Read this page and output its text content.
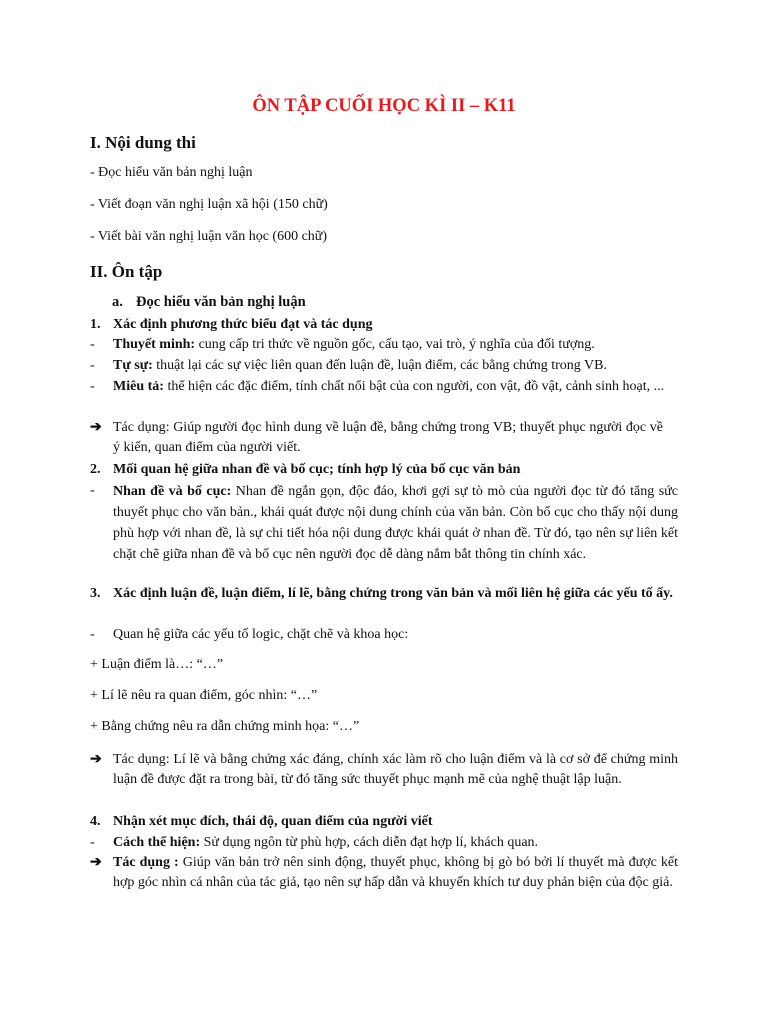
ÔN TẬP CUỐI HỌC KÌ II – K11
I. Nội dung thi
- Đọc hiểu văn bản nghị luận
- Viết đoạn văn nghị luận xã hội (150 chữ)
- Viết bài văn nghị luận văn học (600 chữ)
II. Ôn tập
a. Đọc hiểu văn bản nghị luận
1. Xác định phương thức biểu đạt và tác dụng
- Thuyết minh: cung cấp tri thức về nguồn gốc, cấu tạo, vai trò, ý nghĩa của đối tượng.
- Tự sự: thuật lại các sự việc liên quan đến luận đề, luận điểm, các bằng chứng trong VB.
- Miêu tả: thể hiện các đặc điểm, tính chất nổi bật của con người, con vật, đồ vật, cảnh sinh hoạt, ...
➔ Tác dụng: Giúp người đọc hình dung về luận đề, bằng chứng trong VB; thuyết phục người đọc về ý kiến, quan điểm của người viết.
2. Mối quan hệ giữa nhan đề và bố cục; tính hợp lý của bố cục văn bản
- Nhan đề và bố cục: Nhan đề ngắn gọn, độc đáo, khơi gợi sự tò mò của người đọc từ đó tăng sức thuyết phục cho văn bản., khái quát được nội dung chính của văn bản. Còn bố cục cho thấy nội dung phù hợp với nhan đề, là sự chi tiết hóa nội dung được khái quát ở nhan đề. Từ đó, tạo nên sự liên kết chặt chẽ giữa nhan đề và bố cục nên người đọc dễ dàng nắm bắt thông tin chính xác.
3. Xác định luận đề, luận điểm, lí lẽ, bằng chứng trong văn bản và mối liên hệ giữa các yếu tố ấy.
- Quan hệ giữa các yếu tố logic, chặt chẽ và khoa học:
+ Luận điểm là…: “…”
+ Lí lẽ nêu ra quan điểm, góc nhìn: “…”
+ Bằng chứng nêu ra dẫn chứng minh họa: “…”
➔ Tác dụng: Lí lẽ và bằng chứng xác đáng, chính xác làm rõ cho luận điểm và là cơ sở để chứng minh luận đề được đặt ra trong bài, từ đó tăng sức thuyết phục mạnh mẽ của nghệ thuật lập luận.
4. Nhận xét mục đích, thái độ, quan điểm của người viết
- Cách thể hiện: Sử dụng ngôn từ phù hợp, cách diễn đạt hợp lí, khách quan.
➔ Tác dụng : Giúp văn bản trở nên sinh động, thuyết phục, không bị gò bó bởi lí thuyết mà được kết hợp góc nhìn cá nhân của tác giả, tạo nên sự hấp dẫn và khuyến khích tư duy phản biện của độc giả.
